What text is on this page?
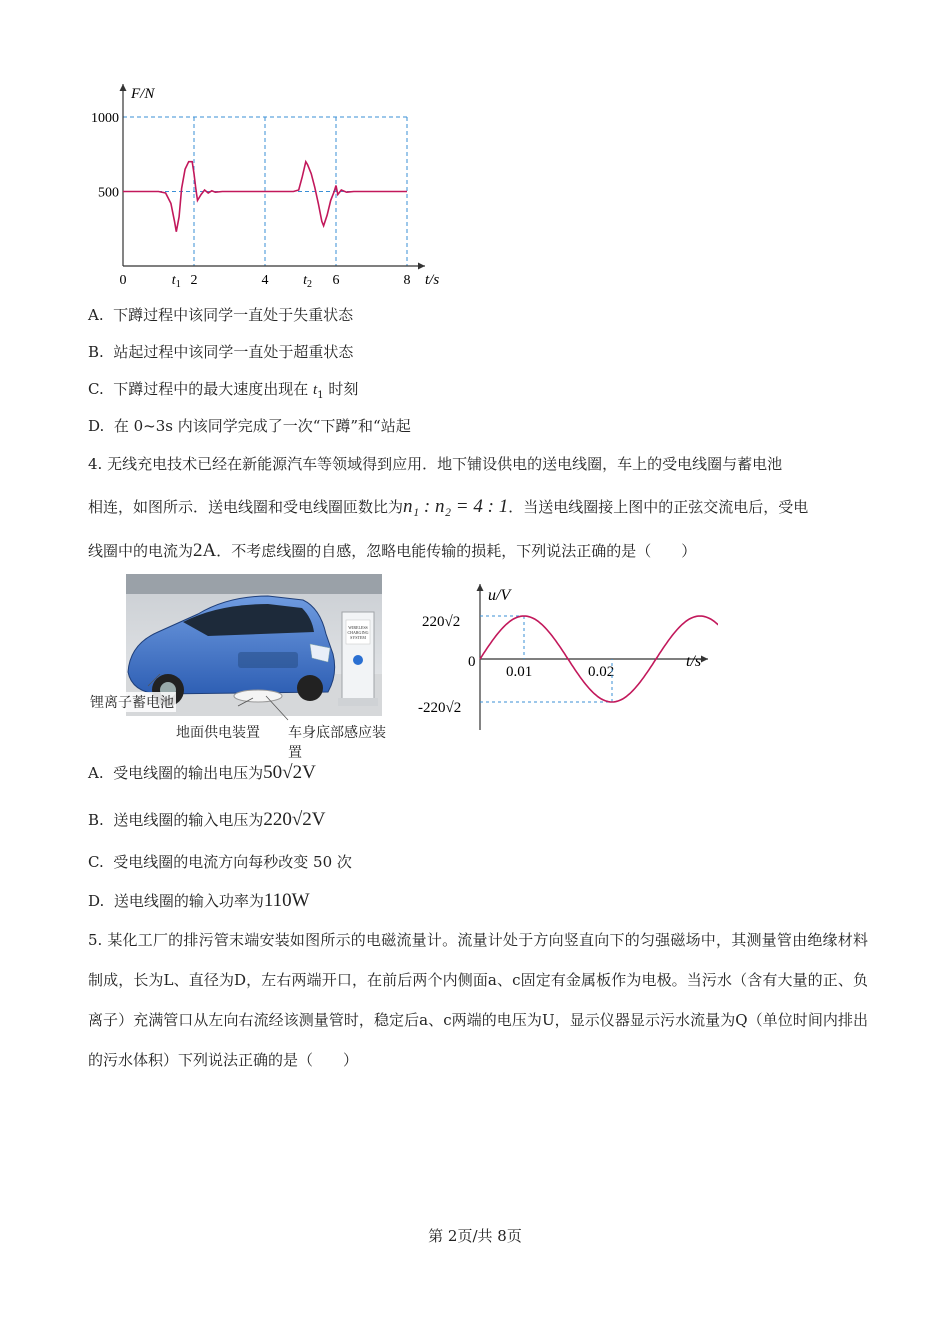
F/N
t/s
1000
500
0	$t_1$ 2	4 $t_2$ 6	8
A. 下蹲过程中该同学一直处于失重状态
B. 站起过程中该同学一直处于超重状态
C. 下蹲过程中的最大速度出现在 $t_1$ 时刻
D. 在 0~3s 内该同学完成了一次“下蹲”和“站起
4. 无线充电技术已经在新能源汽车等领域得到应用．地下铺设供电的送电线圈，车上的受电线圈与蓄电池
相连，如图所示．送电线圈和受电线圈匝数比为n₁ : n₂ = 4 : 1．当送电线圈接上图中的正弦交流电后，受电
线圈中的电流为2A．不考虑线圈的自感，忽略电能传输的损耗，下列说法正确的是（　　）
WIRELESS
CHARGING
SYSTEM
锂离子蓄电池
地面供电装置 车身底部感应装置
u/V
t/s
220√2
0
-220√2
0.01	0.02
A. 受电线圈的输出电压为50√2V
B. 送电线圈的输入电压为220√2V
C. 受电线圈的电流方向每秒改变 50 次
D. 送电线圈的输入功率为110W
5. 某化工厂的排污管末端安装如图所示的电磁流量计。流量计处于方向竖直向下的匀强磁场中，其测量管由绝缘材料制成，长为L、直径为D，左右两端开口，在前后两个内侧面a、c固定有金属板作为电极。当污水（含有大量的正、负离子）充满管口从左向右流经该测量管时，稳定后a、c两端的电压为U，显示仪器显示污水流量为Q（单位时间内排出的污水体积）下列说法正确的是（　　）
第 2页/共 8页
